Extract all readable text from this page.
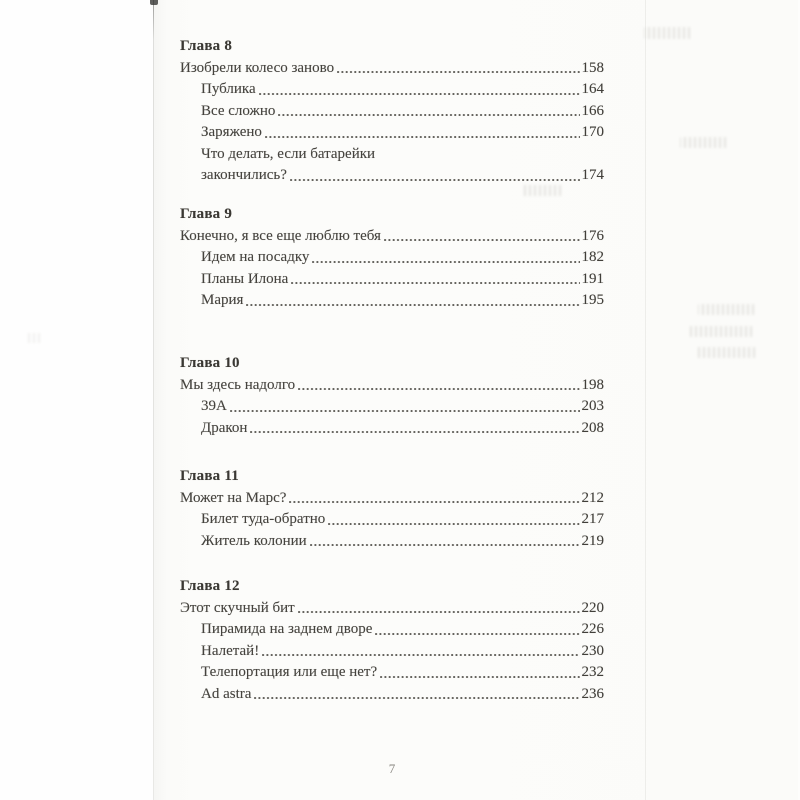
Глава 8
Изобрели колесо заново	158
Публика	164
Все сложно	166
Заряжено	170
Что делать, если батарейки
закончились?	174
Глава 9
Конечно, я все еще люблю тебя	176
Идем на посадку	182
Планы Илона	191
Мария	195
Глава 10
Мы здесь надолго	198
39A	203
Дракон	208
Глава 11
Может на Марс?	212
Билет туда-обратно	217
Житель колонии	219
Глава 12
Этот скучный бит	220
Пирамида на заднем дворе	226
Налетай!	230
Телепортация или еще нет?	232
Ad astra	236
7
